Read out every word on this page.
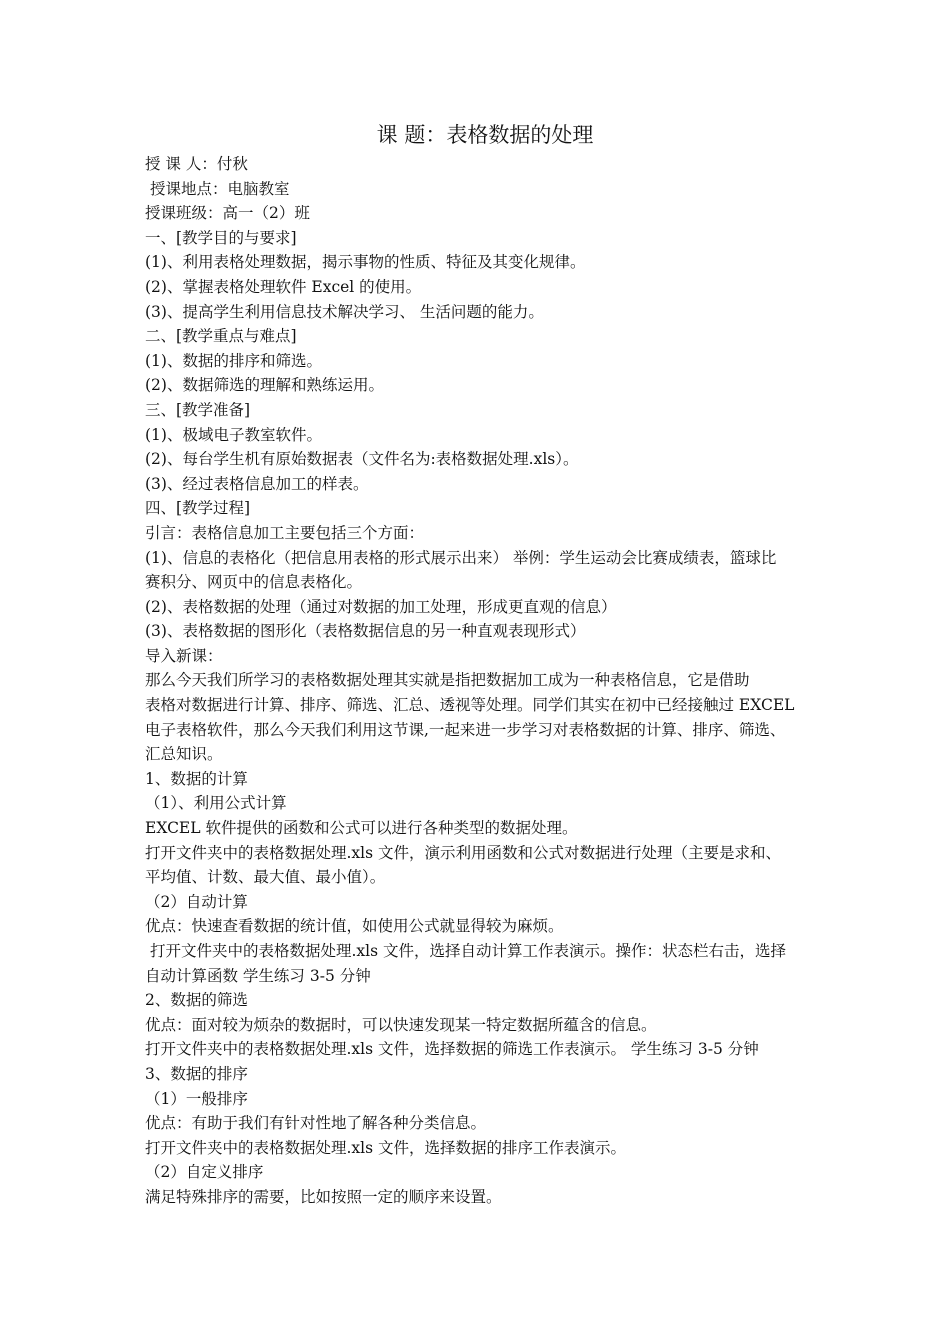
课 题：表格数据的处理
授 课 人：付秋
授课地点：电脑教室
授课班级：高一（2）班
一、[教学目的与要求]
(1)、利用表格处理数据，揭示事物的性质、特征及其变化规律。
(2)、掌握表格处理软件 Excel 的使用。
(3)、提高学生利用信息技术解决学习、 生活问题的能力。
二、[教学重点与难点]
(1)、数据的排序和筛选。
(2)、数据筛选的理解和熟练运用。
三、[教学准备]
(1)、极域电子教室软件。
(2)、每台学生机有原始数据表（文件名为:表格数据处理.xls）。
(3)、经过表格信息加工的样表。
四、[教学过程]
引言：表格信息加工主要包括三个方面：
(1)、信息的表格化（把信息用表格的形式展示出来） 举例：学生运动会比赛成绩表，篮球比
赛积分、网页中的信息表格化。
(2)、表格数据的处理（通过对数据的加工处理，形成更直观的信息）
(3)、表格数据的图形化（表格数据信息的另一种直观表现形式）
导入新课：
那么今天我们所学习的表格数据处理其实就是指把数据加工成为一种表格信息，它是借助
表格对数据进行计算、排序、筛选、汇总、透视等处理。同学们其实在初中已经接触过 EXCEL
电子表格软件，那么今天我们利用这节课,一起来进一步学习对表格数据的计算、排序、筛选、
汇总知识。
1、数据的计算
（1）、利用公式计算
EXCEL 软件提供的函数和公式可以进行各种类型的数据处理。
打开文件夹中的表格数据处理.xls 文件，演示利用函数和公式对数据进行处理（主要是求和、
平均值、计数、最大值、最小值）。
（2）自动计算
优点：快速查看数据的统计值，如使用公式就显得较为麻烦。
打开文件夹中的表格数据处理.xls 文件，选择自动计算工作表演示。操作：状态栏右击，选择
自动计算函数 学生练习 3-5 分钟
2、数据的筛选
优点：面对较为烦杂的数据时，可以快速发现某一特定数据所蕴含的信息。
打开文件夹中的表格数据处理.xls 文件，选择数据的筛选工作表演示。 学生练习 3-5 分钟
3、数据的排序
（1）一般排序
优点：有助于我们有针对性地了解各种分类信息。
打开文件夹中的表格数据处理.xls 文件，选择数据的排序工作表演示。
（2）自定义排序
满足特殊排序的需要，比如按照一定的顺序来设置。
